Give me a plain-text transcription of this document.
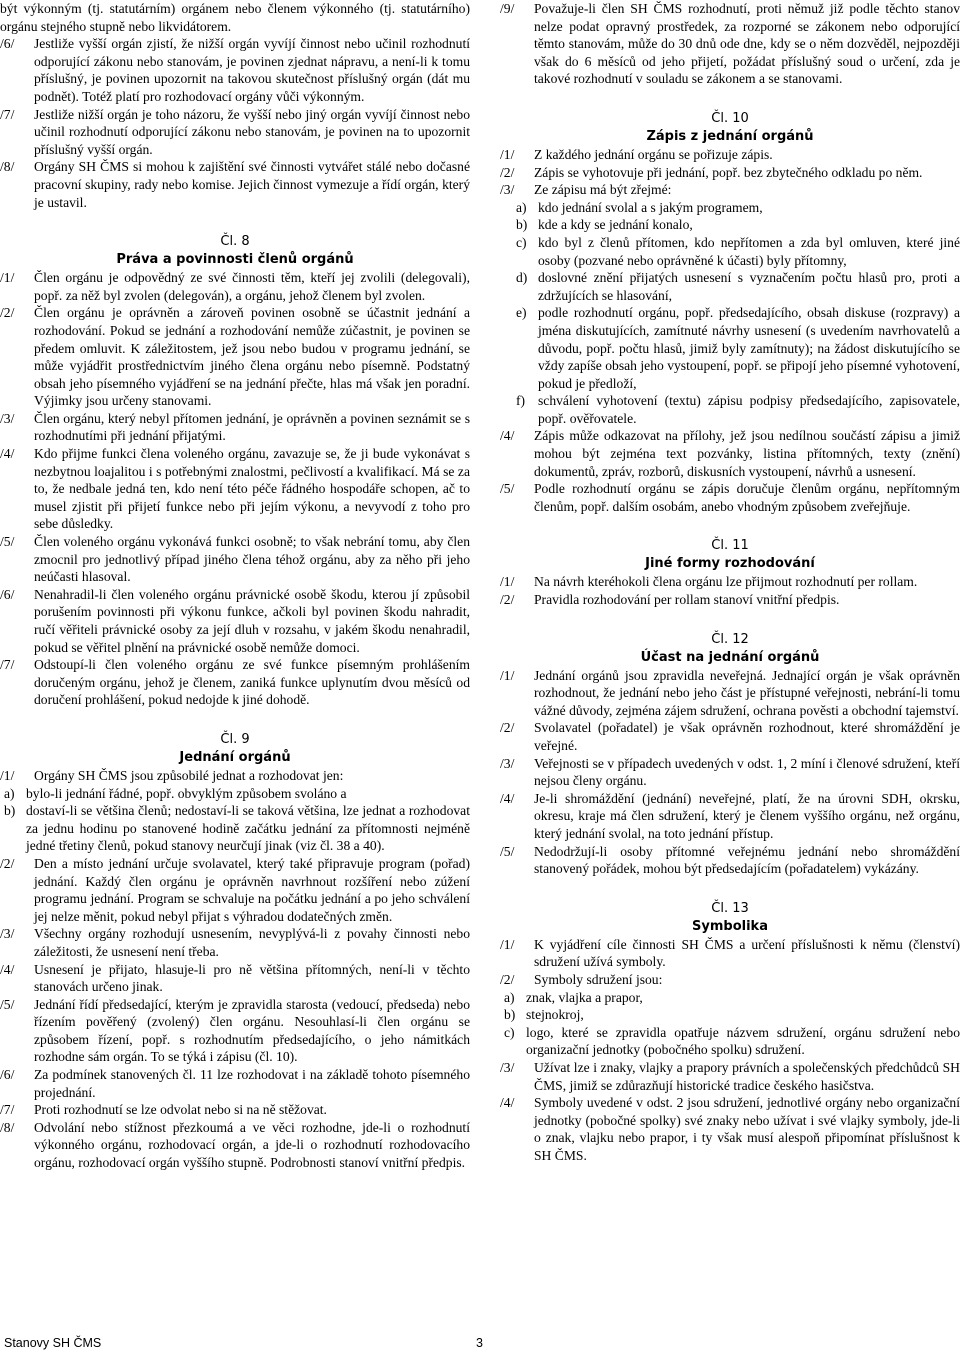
být výkonným (tj. statutárním) orgánem nebo členem výkonného (tj. statutárního) orgánu stejného stupně nebo likvidátorem.
/6/ Jestliže vyšší orgán zjistí, že nižší orgán vyvíjí činnost nebo učinil rozhodnutí odporující zákonu nebo stanovám, je povinen zjednat nápravu, a není-li k tomu příslušný, je povinen upozornit na takovou skutečnost příslušný orgán (dát mu podnět). Totéž platí pro rozhodovací orgány vůči výkonným.
/7/ Jestliže nižší orgán je toho názoru, že vyšší nebo jiný orgán vyvíjí činnost nebo učinil rozhodnutí odporující zákonu nebo stanovám, je povinen na to upozornit příslušný vyšší orgán.
/8/ Orgány SH ČMS si mohou k zajištění své činnosti vytvářet stálé nebo dočasné pracovní skupiny, rady nebo komise. Jejich činnost vymezuje a řídí orgán, který je ustavil.
Čl. 8
Práva a povinnosti členů orgánů
/1/ Člen orgánu je odpovědný ze své činnosti těm, kteří jej zvolili (delegovali), popř. za něž byl zvolen (delegován), a orgánu, jehož členem byl zvolen.
/2/ Člen orgánu je oprávněn a zároveň povinen osobně se účastnit jednání a rozhodování. Pokud se jednání a rozhodování nemůže zúčastnit, je povinen se předem omluvit. K záležitostem, jež jsou nebo budou v programu jednání, se může vyjádřit prostřednictvím jiného člena orgánu nebo písemně. Podstatný obsah jeho písemného vyjádření se na jednání přečte, hlas má však jen poradní. Výjimky jsou určeny stanovami.
/3/ Člen orgánu, který nebyl přítomen jednání, je oprávněn a povinen seznámit se s rozhodnutími při jednání přijatými.
/4/ Kdo přijme funkci člena voleného orgánu, zavazuje se, že ji bude vykonávat s nezbytnou loajalitou i s potřebnými znalostmi, pečlivostí a kvalifikací. Má se za to, že nedbale jedná ten, kdo není této péče řádného hospodáře schopen, ač to musel zjistit při přijetí funkce nebo při jejím výkonu, a nevyvodí z toho pro sebe důsledky.
/5/ Člen voleného orgánu vykonává funkci osobně; to však nebrání tomu, aby člen zmocnil pro jednotlivý případ jiného člena téhož orgánu, aby za něho při jeho neúčasti hlasoval.
/6/ Nenahradil-li člen voleného orgánu právnické osobě škodu, kterou jí způsobil porušením povinnosti při výkonu funkce, ačkoli byl povinen škodu nahradit, ručí věřiteli právnické osoby za její dluh v rozsahu, v jakém škodu nenahradil, pokud se věřitel plnění na právnické osobě nemůže domoci.
/7/ Odstoupí-li člen voleného orgánu ze své funkce písemným prohlášením doručeným orgánu, jehož je členem, zaniká funkce uplynutím dvou měsíců od doručení prohlášení, pokud nedojde k jiné dohodě.
Čl. 9
Jednání orgánů
/1/ Orgány SH ČMS jsou způsobilé jednat a rozhodovat jen:
a) bylo-li jednání řádné, popř. obvyklým způsobem svoláno a
b) dostaví-li se většina členů; nedostaví-li se taková většina, lze jednat a rozhodovat za jednu hodinu po stanovené hodině začátku jednání za přítomnosti nejméně jedné třetiny členů, pokud stanovy neurčují jinak (viz čl. 38 a 40).
/2/ Den a místo jednání určuje svolavatel, který také připravuje program (pořad) jednání. Každý člen orgánu je oprávněn navrhnout rozšíření nebo zúžení programu jednání. Program se schvaluje na počátku jednání a po jeho schválení jej nelze měnit, pokud nebyl přijat s výhradou dodatečných změn.
/3/ Všechny orgány rozhodují usnesením, nevyplývá-li z povahy činnosti nebo záležitosti, že usnesení není třeba.
/4/ Usnesení je přijato, hlasuje-li pro ně většina přítomných, není-li v těchto stanovách určeno jinak.
/5/ Jednání řídí předsedající, kterým je zpravidla starosta (vedoucí, předseda) nebo řízením pověřený (zvolený) člen orgánu. Nesouhlasí-li člen orgánu se způsobem řízení, popř. s rozhodnutím předsedajícího, o jeho námitkách rozhodne sám orgán. To se týká i zápisu (čl. 10).
/6/ Za podmínek stanovených čl. 11 lze rozhodovat i na základě tohoto písemného projednání.
/7/ Proti rozhodnutí se lze odvolat nebo si na ně stěžovat.
/8/ Odvolání nebo stížnost přezkoumá a ve věci rozhodne, jde-li o rozhodnutí výkonného orgánu, rozhodovací orgán, a jde-li o rozhodnutí rozhodovacího orgánu, rozhodovací orgán vyššího stupně. Podrobnosti stanoví vnitřní předpis.
/9/ Považuje-li člen SH ČMS rozhodnutí, proti němuž již podle těchto stanov nelze podat opravný prostředek, za rozporné se zákonem nebo odporující těmto stanovám, může do 30 dnů ode dne, kdy se o něm dozvěděl, nejpozději však do 6 měsíců od jeho přijetí, požádat příslušný soud o určení, zda je takové rozhodnutí v souladu se zákonem a se stanovami.
Čl. 10
Zápis z jednání orgánů
/1/ Z každého jednání orgánu se pořizuje zápis.
/2/ Zápis se vyhotovuje při jednání, popř. bez zbytečného odkladu po něm.
/3/ Ze zápisu má být zřejmé:
a) kdo jednání svolal a s jakým programem,
b) kde a kdy se jednání konalo,
c) kdo byl z členů přítomen, kdo nepřítomen a zda byl omluven, které jiné osoby (pozvané nebo oprávněné k účasti) byly přítomny,
d) doslovné znění přijatých usnesení s vyznačením počtu hlasů pro, proti a zdržujících se hlasování,
e) podle rozhodnutí orgánu, popř. předsedajícího, obsah diskuse (rozpravy) a jména diskutujících, zamítnuté návrhy usnesení (s uvedením navrhovatelů a důvodu, popř. počtu hlasů, jimiž byly zamítnuty); na žádost diskutujícího se vždy zapíše obsah jeho vystoupení, popř. se připojí jeho písemné vyhotovení, pokud je předloží,
f) schválení vyhotovení (textu) zápisu podpisy předsedajícího, zapisovatele, popř. ověřovatele.
/4/ Zápis může odkazovat na přílohy, jež jsou nedílnou součástí zápisu a jimiž mohou být zejména text pozvánky, listina přítomných, texty (znění) dokumentů, zpráv, rozborů, diskusních vystoupení, návrhů a usnesení.
/5/ Podle rozhodnutí orgánu se zápis doručuje členům orgánu, nepřítomným členům, popř. dalším osobám, anebo vhodným způsobem zveřejňuje.
Čl. 11
Jiné formy rozhodování
/1/ Na návrh kteréhokoli člena orgánu lze přijmout rozhodnutí per rollam.
/2/ Pravidla rozhodování per rollam stanoví vnitřní předpis.
Čl. 12
Účast na jednání orgánů
/1/ Jednání orgánů jsou zpravidla neveřejná. Jednající orgán je však oprávněn rozhodnout, že jednání nebo jeho část je přístupné veřejnosti, nebrání-li tomu vážné důvody, zejména zájem sdružení, ochrana pověsti a obchodní tajemství.
/2/ Svolavatel (pořadatel) je však oprávněn rozhodnout, které shromáždění je veřejné.
/3/ Veřejnosti se v případech uvedených v odst. 1, 2 míní i členové sdružení, kteří nejsou členy orgánu.
/4/ Je-li shromáždění (jednání) neveřejné, platí, že na úrovni SDH, okrsku, okresu, kraje má člen sdružení, který je členem vyššího orgánu, než orgánu, který jednání svolal, na toto jednání přístup.
/5/ Nedodržují-li osoby přítomné veřejnému jednání nebo shromáždění stanovený pořádek, mohou být předsedajícím (pořadatelem) vykázány.
Čl. 13
Symbolika
/1/ K vyjádření cíle činnosti SH ČMS a určení příslušnosti k němu (členství) sdružení užívá symboly.
/2/ Symboly sdružení jsou:
a) znak, vlajka a prapor,
b) stejnokroj,
c) logo, které se zpravidla opatřuje názvem sdružení, orgánu sdružení nebo organizační jednotky (pobočného spolku) sdružení.
/3/ Užívat lze i znaky, vlajky a prapory právních a společenských předchůdců SH ČMS, jimiž se zdůrazňují historické tradice českého hasičstva.
/4/ Symboly uvedené v odst. 2 jsou sdružení, jednotlivé orgány nebo organizační jednotky (pobočné spolky) své znaky nebo užívat i své vlajky symboly, jde-li o znak, vlajku nebo prapor, i ty však musí alespoň připomínat příslušnost k SH ČMS.
Stanovy SH ČMS	3
